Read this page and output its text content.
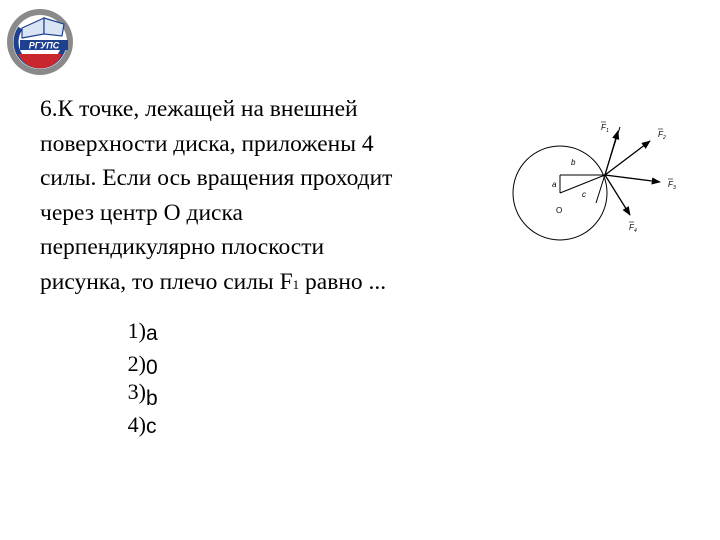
РГУПС

6.К точке, лежащей на внешней
поверхности диска, приложены 4
силы. Если ось вращения проходит
через центр О диска
перпендикулярно плоскости
рисунка, то плечо силы F1 равно ...

a
b
c
O
F 1	F 2
F 3
F 4
1) a
2) 0
3) b
4) c
